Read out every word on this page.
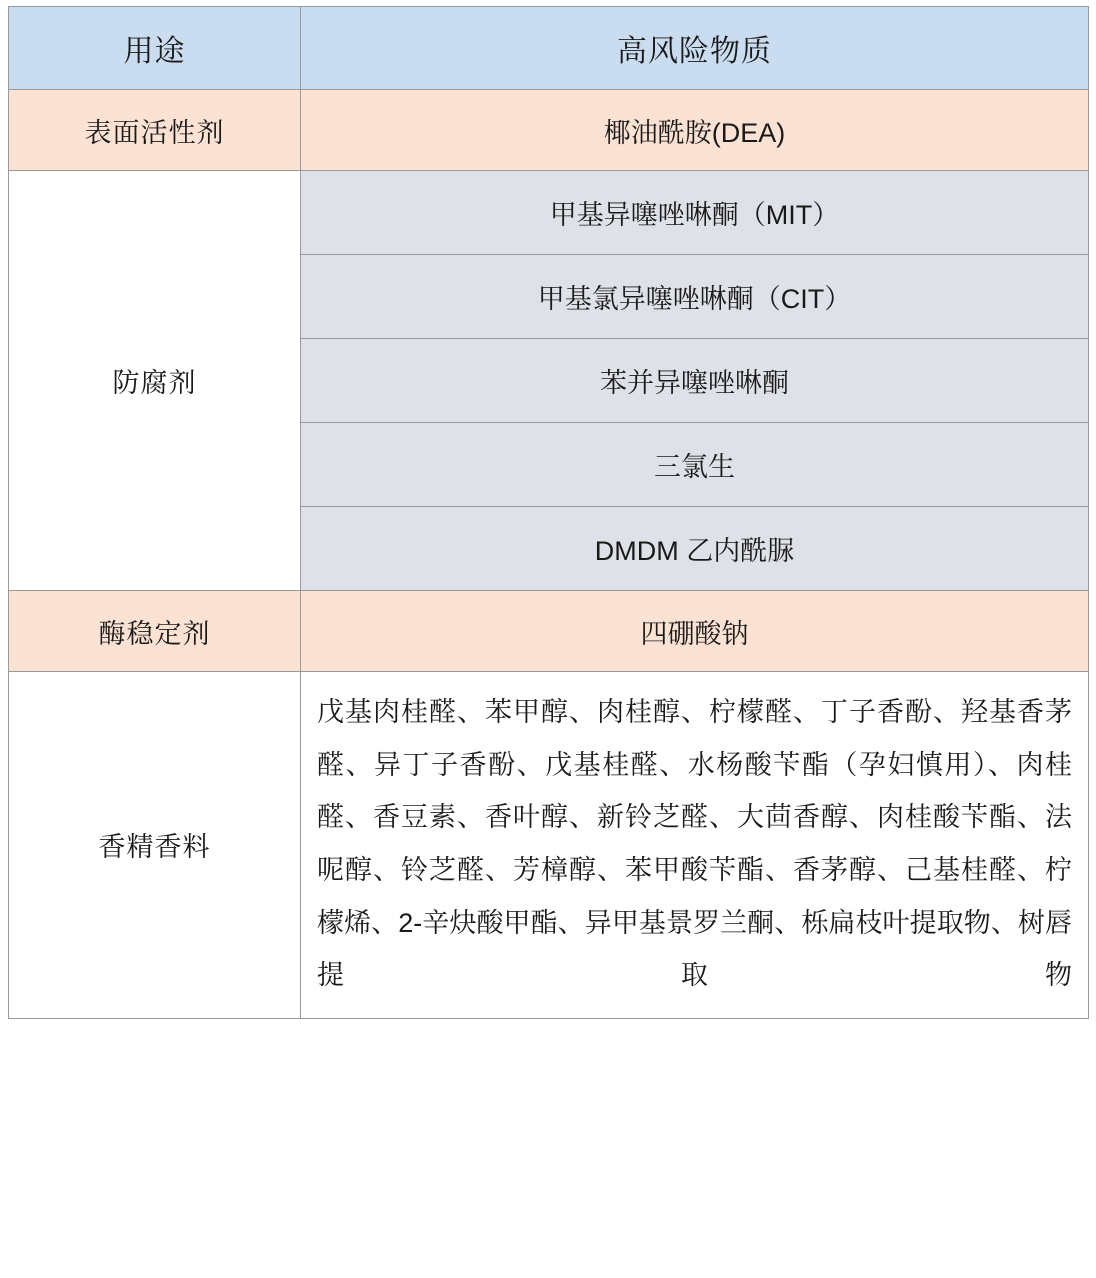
用途	高风险物质
表面活性剂	椰油酰胺(DEA)
防腐剂	甲基异噻唑啉酮（MIT）
	甲基氯异噻唑啉酮（CIT）
	苯并异噻唑啉酮
	三氯生
	DMDM 乙内酰脲
酶稳定剂	四硼酸钠
香精香料	戊基肉桂醛、苯甲醇、肉桂醇、柠檬醛、丁子香酚、羟基香茅醛、异丁子香酚、戊基桂醛、水杨酸苄酯（孕妇慎用）、肉桂醛、香豆素、香叶醇、新铃芝醛、大茴香醇、肉桂酸苄酯、法呢醇、铃芝醛、芳樟醇、苯甲酸苄酯、香茅醇、己基桂醛、柠檬烯、2-辛炔酸甲酯、异甲基景罗兰酮、栎扁枝叶提取物、树唇提取物
